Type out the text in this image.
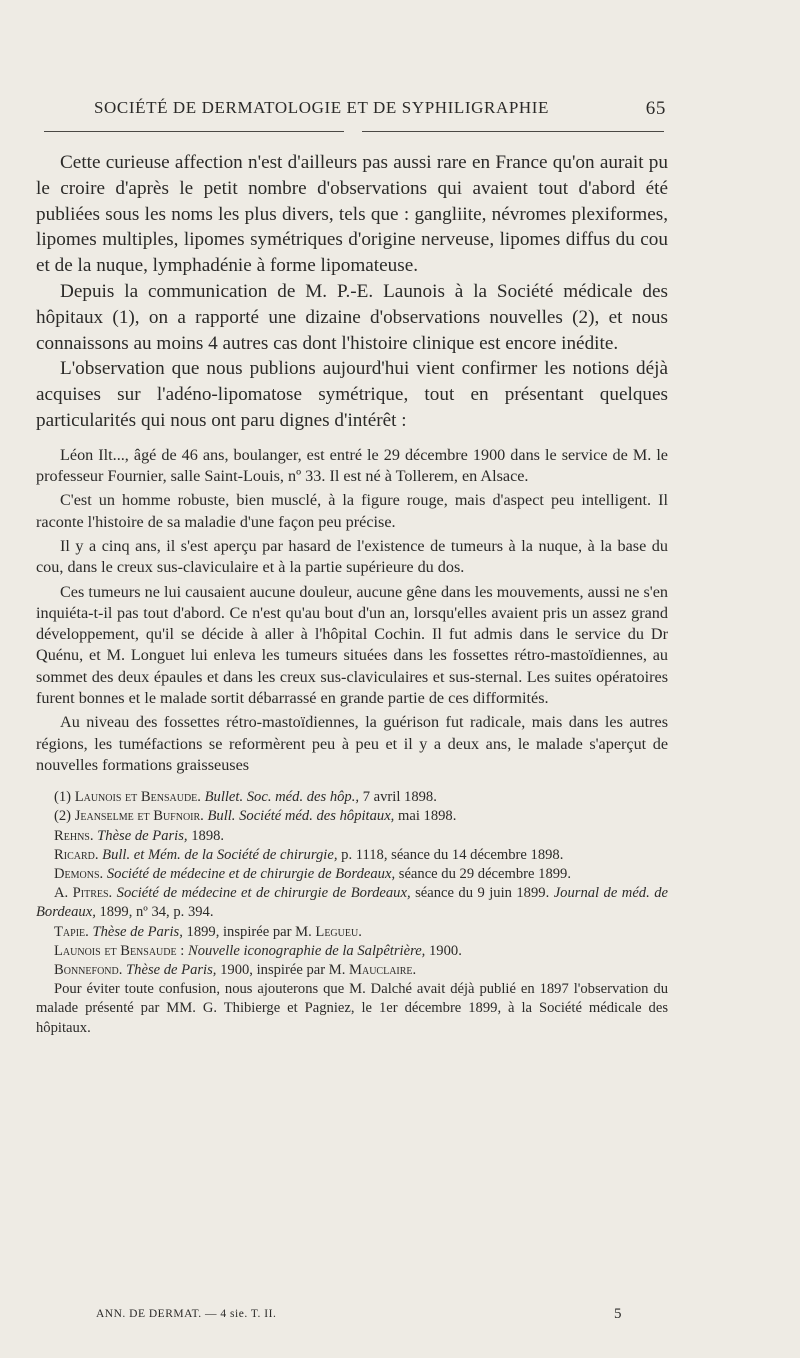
SOCIÉTÉ DE DERMATOLOGIE ET DE SYPHILIGRAPHIE	65

Cette curieuse affection n'est d'ailleurs pas aussi rare en France qu'on aurait pu le croire d'après le petit nombre d'observations qui avaient tout d'abord été publiées sous les noms les plus divers, tels que : gangliite, névromes plexiformes, lipomes multiples, lipomes symétriques d'origine nerveuse, lipomes diffus du cou et de la nuque, lymphadénie à forme lipomateuse.

Depuis la communication de M. P.-E. Launois à la Société médicale des hôpitaux (1), on a rapporté une dizaine d'observations nouvelles (2), et nous connaissons au moins 4 autres cas dont l'histoire clinique est encore inédite.

L'observation que nous publions aujourd'hui vient confirmer les notions déjà acquises sur l'adéno-lipomatose symétrique, tout en présentant quelques particularités qui nous ont paru dignes d'intérêt :

Léon Ilt..., âgé de 46 ans, boulanger, est entré le 29 décembre 1900 dans le service de M. le professeur Fournier, salle Saint-Louis, nº 33. Il est né à Tollerem, en Alsace.

C'est un homme robuste, bien musclé, à la figure rouge, mais d'aspect peu intelligent. Il raconte l'histoire de sa maladie d'une façon peu précise.

Il y a cinq ans, il s'est aperçu par hasard de l'existence de tumeurs à la nuque, à la base du cou, dans le creux sus-claviculaire et à la partie supérieure du dos.

Ces tumeurs ne lui causaient aucune douleur, aucune gêne dans les mouvements, aussi ne s'en inquiéta-t-il pas tout d'abord. Ce n'est qu'au bout d'un an, lorsqu'elles avaient pris un assez grand développement, qu'il se décide à aller à l'hôpital Cochin. Il fut admis dans le service du Dr Quénu, et M. Longuet lui enleva les tumeurs situées dans les fossettes rétro-mastoïdiennes, au sommet des deux épaules et dans les creux sus-claviculaires et sus-sternal. Les suites opératoires furent bonnes et le malade sortit débarrassé en grande partie de ces difformités.

Au niveau des fossettes rétro-mastoïdiennes, la guérison fut radicale, mais dans les autres régions, les tuméfactions se reformèrent peu à peu et il y a deux ans, le malade s'aperçut de nouvelles formations graisseuses

(1) Launois et Bensaude. Bullet. Soc. méd. des hôp., 7 avril 1898.

(2) Jeanselme et Bufnoir. Bull. Société méd. des hôpitaux, mai 1898.

Rehns. Thèse de Paris, 1898.

Ricard. Bull. et Mém. de la Société de chirurgie, p. 1118, séance du 14 décembre 1898.

Demons. Société de médecine et de chirurgie de Bordeaux, séance du 29 décembre 1899.

A. Pitres. Société de médecine et de chirurgie de Bordeaux, séance du 9 juin 1899. Journal de méd. de Bordeaux, 1899, nº 34, p. 394.

Tapie. Thèse de Paris, 1899, inspirée par M. Legueu.

Launois et Bensaude : Nouvelle iconographie de la Salpêtrière, 1900.

Bonnefond. Thèse de Paris, 1900, inspirée par M. Mauclaire.

Pour éviter toute confusion, nous ajouterons que M. Dalché avait déjà publié en 1897 l'observation du malade présenté par MM. G. Thibierge et Pagniez, le 1er décembre 1899, à la Société médicale des hôpitaux.

ANN. DE DERMAT. — 4 sie. T. II.	5
